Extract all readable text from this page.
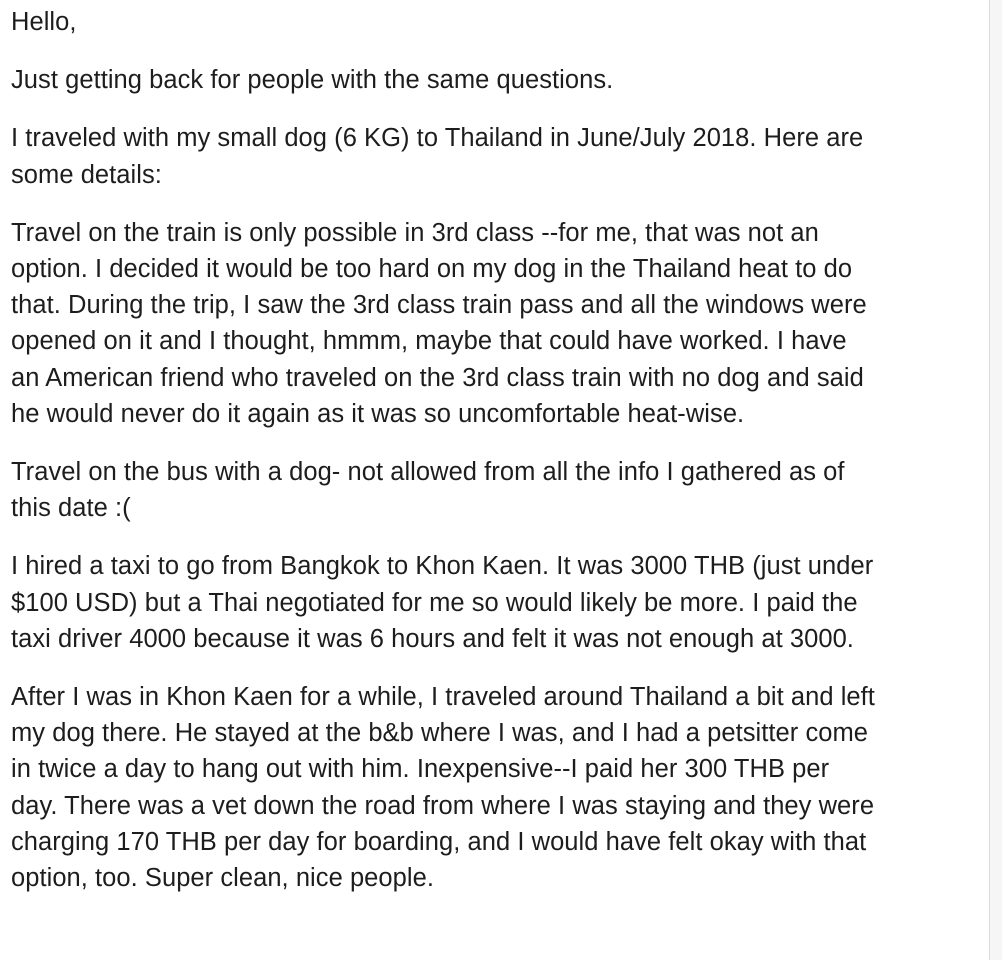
Hello,

Just getting back for people with the same questions.

I traveled with my small dog (6 KG) to Thailand in June/July 2018. Here are
some details:

Travel on the train is only possible in 3rd class --for me, that was not an
option. I decided it would be too hard on my dog in the Thailand heat to do
that. During the trip, I saw the 3rd class train pass and all the windows were
opened on it and I thought, hmmm, maybe that could have worked. I have
an American friend who traveled on the 3rd class train with no dog and said
he would never do it again as it was so uncomfortable heat-wise.

Travel on the bus with a dog- not allowed from all the info I gathered as of
this date :(

I hired a taxi to go from Bangkok to Khon Kaen. It was 3000 THB (just under
$100 USD) but a Thai negotiated for me so would likely be more. I paid the
taxi driver 4000 because it was 6 hours and felt it was not enough at 3000.

After I was in Khon Kaen for a while, I traveled around Thailand a bit and left
my dog there. He stayed at the b&b where I was, and I had a petsitter come
in twice a day to hang out with him. Inexpensive--I paid her 300 THB per
day. There was a vet down the road from where I was staying and they were
charging 170 THB per day for boarding, and I would have felt okay with that
option, too. Super clean, nice people.
